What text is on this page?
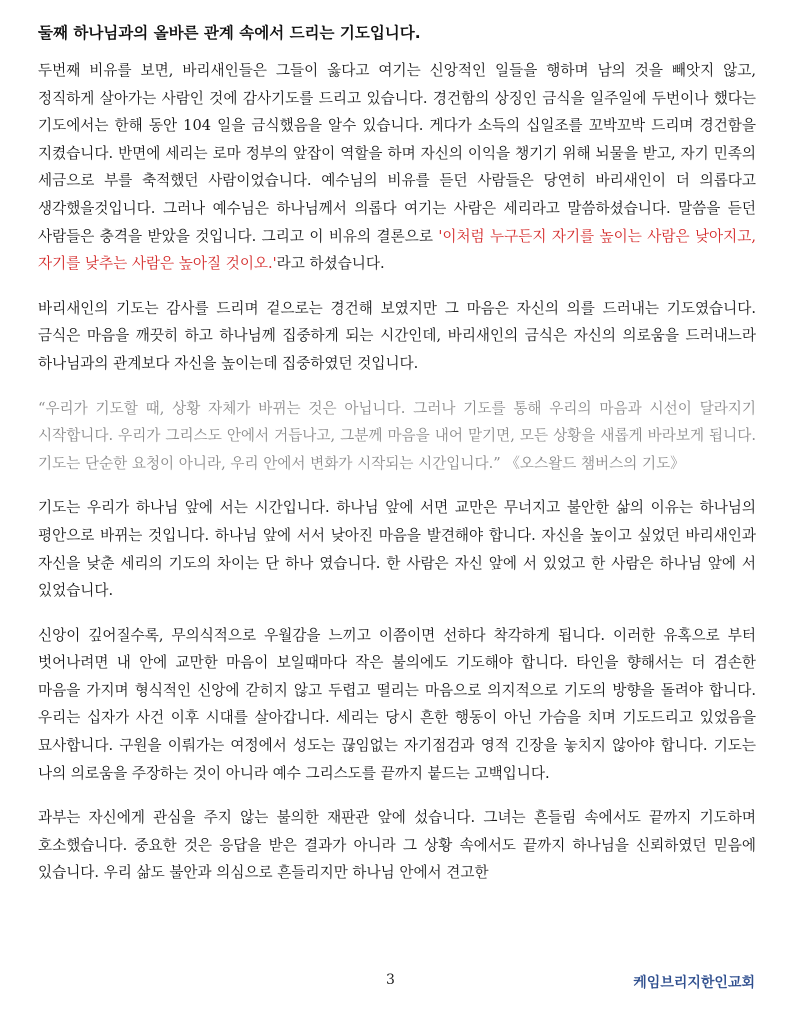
둘째 하나님과의 올바른 관계 속에서 드리는 기도입니다.

두번째 비유를 보면, 바리새인들은 그들이 옳다고 여기는 신앙적인 일들을 행하며 남의 것을 빼앗지 않고, 정직하게 살아가는 사람인 것에 감사기도를 드리고 있습니다. 경건함의 상징인 금식을 일주일에 두번이나 했다는 기도에서는 한해 동안 104 일을 금식했음을 알수 있습니다. 게다가 소득의 십일조를 꼬박꼬박 드리며 경건함을 지켰습니다. 반면에 세리는 로마 정부의 앞잡이 역할을 하며 자신의 이익을 챙기기 위해 뇌물을 받고, 자기 민족의 세금으로 부를 축적했던 사람이었습니다. 예수님의 비유를 듣던 사람들은 당연히 바리새인이 더 의롭다고 생각했을것입니다. 그러나 예수님은 하나님께서 의롭다 여기는 사람은 세리라고 말씀하셨습니다. 말씀을 듣던 사람들은 충격을 받았을 것입니다. 그리고 이 비유의 결론으로 '이처럼 누구든지 자기를 높이는 사람은 낮아지고, 자기를 낮추는 사람은 높아질 것이오.'라고 하셨습니다.

바리새인의 기도는 감사를 드리며 겉으로는 경건해 보였지만 그 마음은 자신의 의를 드러내는 기도였습니다. 금식은 마음을 깨끗히 하고 하나님께 집중하게 되는 시간인데, 바리새인의 금식은 자신의 의로움을 드러내느라 하나님과의 관계보다 자신을 높이는데 집중하였던 것입니다.

“우리가 기도할 때, 상황 자체가 바뀌는 것은 아닙니다. 그러나 기도를 통해 우리의 마음과 시선이 달라지기 시작합니다. 우리가 그리스도 안에서 거듭나고, 그분께 마음을 내어 맡기면, 모든 상황을 새롭게 바라보게 됩니다. 기도는 단순한 요청이 아니라, 우리 안에서 변화가 시작되는 시간입니다.” 《오스왈드 챔버스의 기도》

기도는 우리가 하나님 앞에 서는 시간입니다. 하나님 앞에 서면 교만은 무너지고 불안한 삶의 이유는 하나님의 평안으로 바뀌는 것입니다. 하나님 앞에 서서 낮아진 마음을 발견해야 합니다. 자신을 높이고 싶었던 바리새인과 자신을 낮춘 세리의 기도의 차이는 단 하나 였습니다. 한 사람은 자신 앞에 서 있었고 한 사람은 하나님 앞에 서 있었습니다.

신앙이 깊어질수록, 무의식적으로 우월감을 느끼고 이쯤이면 선하다 착각하게 됩니다. 이러한 유혹으로 부터 벗어나려면 내 안에 교만한 마음이 보일때마다 작은 불의에도 기도해야 합니다. 타인을 향해서는 더 겸손한 마음을 가지며 형식적인 신앙에 갇히지 않고 두렵고 떨리는 마음으로 의지적으로 기도의 방향을 돌려야 합니다. 우리는 십자가 사건 이후 시대를 살아갑니다. 세리는 당시 흔한 행동이 아닌 가슴을 치며 기도드리고 있었음을 묘사합니다. 구원을 이뤄가는 여정에서 성도는 끊임없는 자기점검과 영적 긴장을 놓치지 않아야 합니다. 기도는 나의 의로움을 주장하는 것이 아니라 예수 그리스도를 끝까지 붙드는 고백입니다.

과부는 자신에게 관심을 주지 않는 불의한 재판관 앞에 섰습니다. 그녀는 흔들림 속에서도 끝까지 기도하며 호소했습니다. 중요한 것은 응답을 받은 결과가 아니라 그 상황 속에서도 끝까지 하나님을 신뢰하였던 믿음에 있습니다. 우리 삶도 불안과 의심으로 흔들리지만 하나님 안에서 견고한

3	케임브리지한인교회
